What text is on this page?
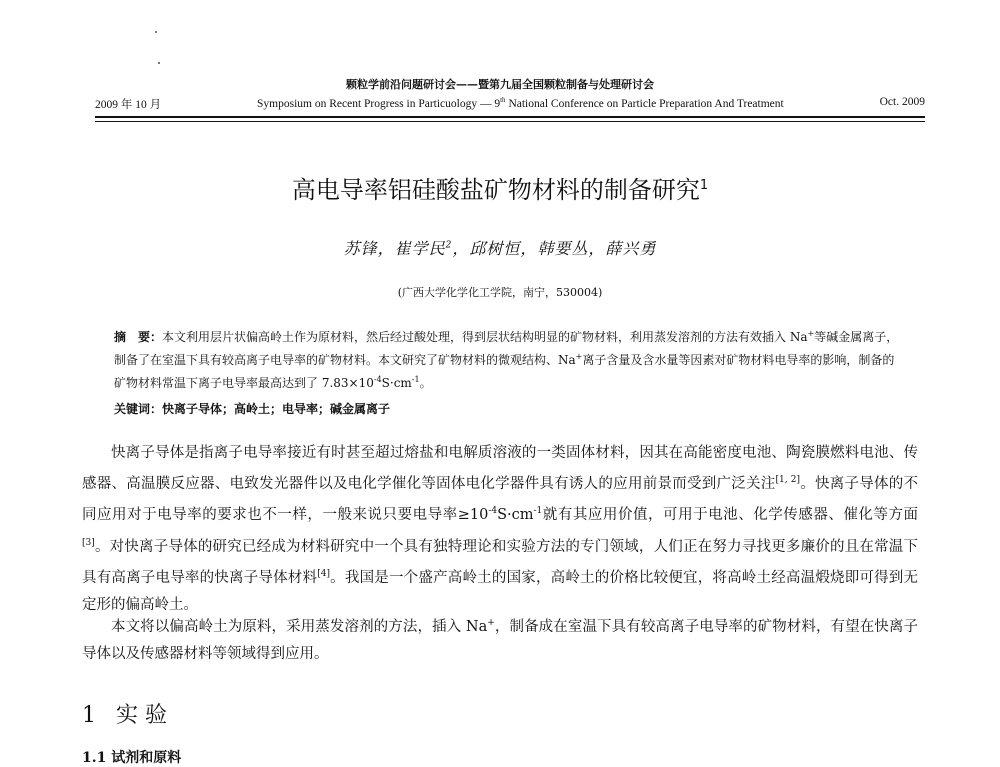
颗粒学前沿问题研讨会——暨第九届全国颗粒制备与处理研讨会
2009 年 10 月	Symposium on Recent Progress in Particuology — 9th National Conference on Particle Preparation And Treatment	Oct. 2009
高电导率铝硅酸盐矿物材料的制备研究$^1$
苏锋，崔学民$^2$，邱树恒，韩要丛，薛兴勇
(广西大学化学化工学院，南宁，530004)
摘　要：本文利用层片状偏高岭土作为原材料，然后经过酸处理，得到层状结构明显的矿物材料，利用蒸发溶剂的方法有效插入 Na+等碱金属离子，制备了在室温下具有较高离子电导率的矿物材料。本文研究了矿物材料的微观结构、Na+离子含量及含水量等因素对矿物材料电导率的影响，制备的矿物材料常温下离子电导率最高达到了 $7.83\times 10^{-4}S\cdot cm^{-1}$。
关键词：快离子导体；高岭土；电导率；碱金属离子
快离子导体是指离子电导率接近有时甚至超过熔盐和电解质溶液的一类固体材料，因其在高能密度电池、陶瓷膜燃料电池、传感器、高温膜反应器、电致发光器件以及电化学催化等固体电化学器件具有诱人的应用前景而受到广泛关注[1, 2]。快离子导体的不同应用对于电导率的要求也不一样，一般来说只要电导率$\ge 10^{-4}S\cdot cm^{-1}$就有其应用价值，可用于电池、化学传感器、催化等方面[3]。对快离子导体的研究已经成为材料研究中一个具有独特理论和实验方法的专门领域，人们正在努力寻找更多廉价的且在常温下具有高离子电导率的快离子导体材料[4]。我国是一个盛产高岭土的国家，高岭土的价格比较便宜，将高岭土经高温煅烧即可得到无定形的偏高岭土。
本文将以偏高岭土为原料，采用蒸发溶剂的方法，插入 Na+，制备成在室温下具有较高离子电导率的矿物材料，有望在快离子导体以及传感器材料等领域得到应用。
1 实 验
1.1 试剂和原料
